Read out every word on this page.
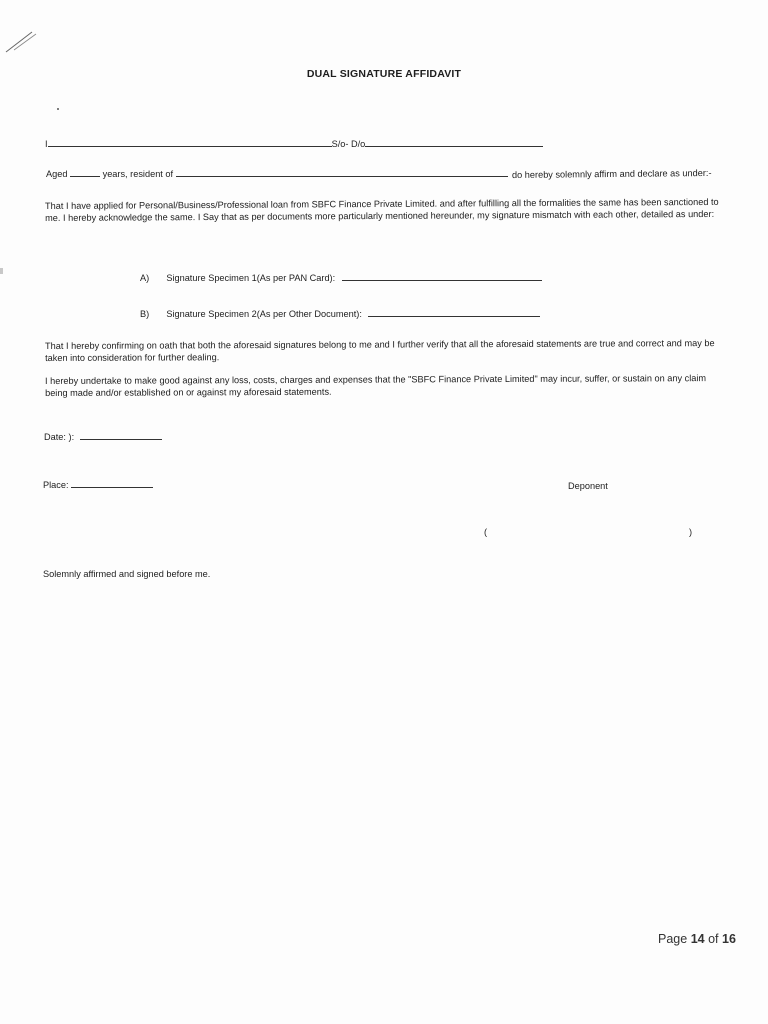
DUAL SIGNATURE AFFIDAVIT
I	S/o- D/o
Aged	years, resident of	do hereby solemnly affirm and declare as under:-
That I have applied for Personal/Business/Professional loan from SBFC Finance Private Limited. and after fulfilling all the formalities the same has been sanctioned to me. I hereby acknowledge the same. I Say that as per documents more particularly mentioned hereunder, my signature mismatch with each other, detailed as under:
A) Signature Specimen 1(As per PAN Card):
B) Signature Specimen 2(As per Other Document):
That I hereby confirming on oath that both the aforesaid signatures belong to me and I further verify that all the aforesaid statements are true and correct and may be taken into consideration for further dealing.
I hereby undertake to make good against any loss, costs, charges and expenses that the "SBFC Finance Private Limited" may incur, suffer, or sustain on any claim being made and/or established on or against my aforesaid statements.
Date: ):
Place:	Deponent
(	)
Solemnly affirmed and signed before me.
Page 14 of 16
